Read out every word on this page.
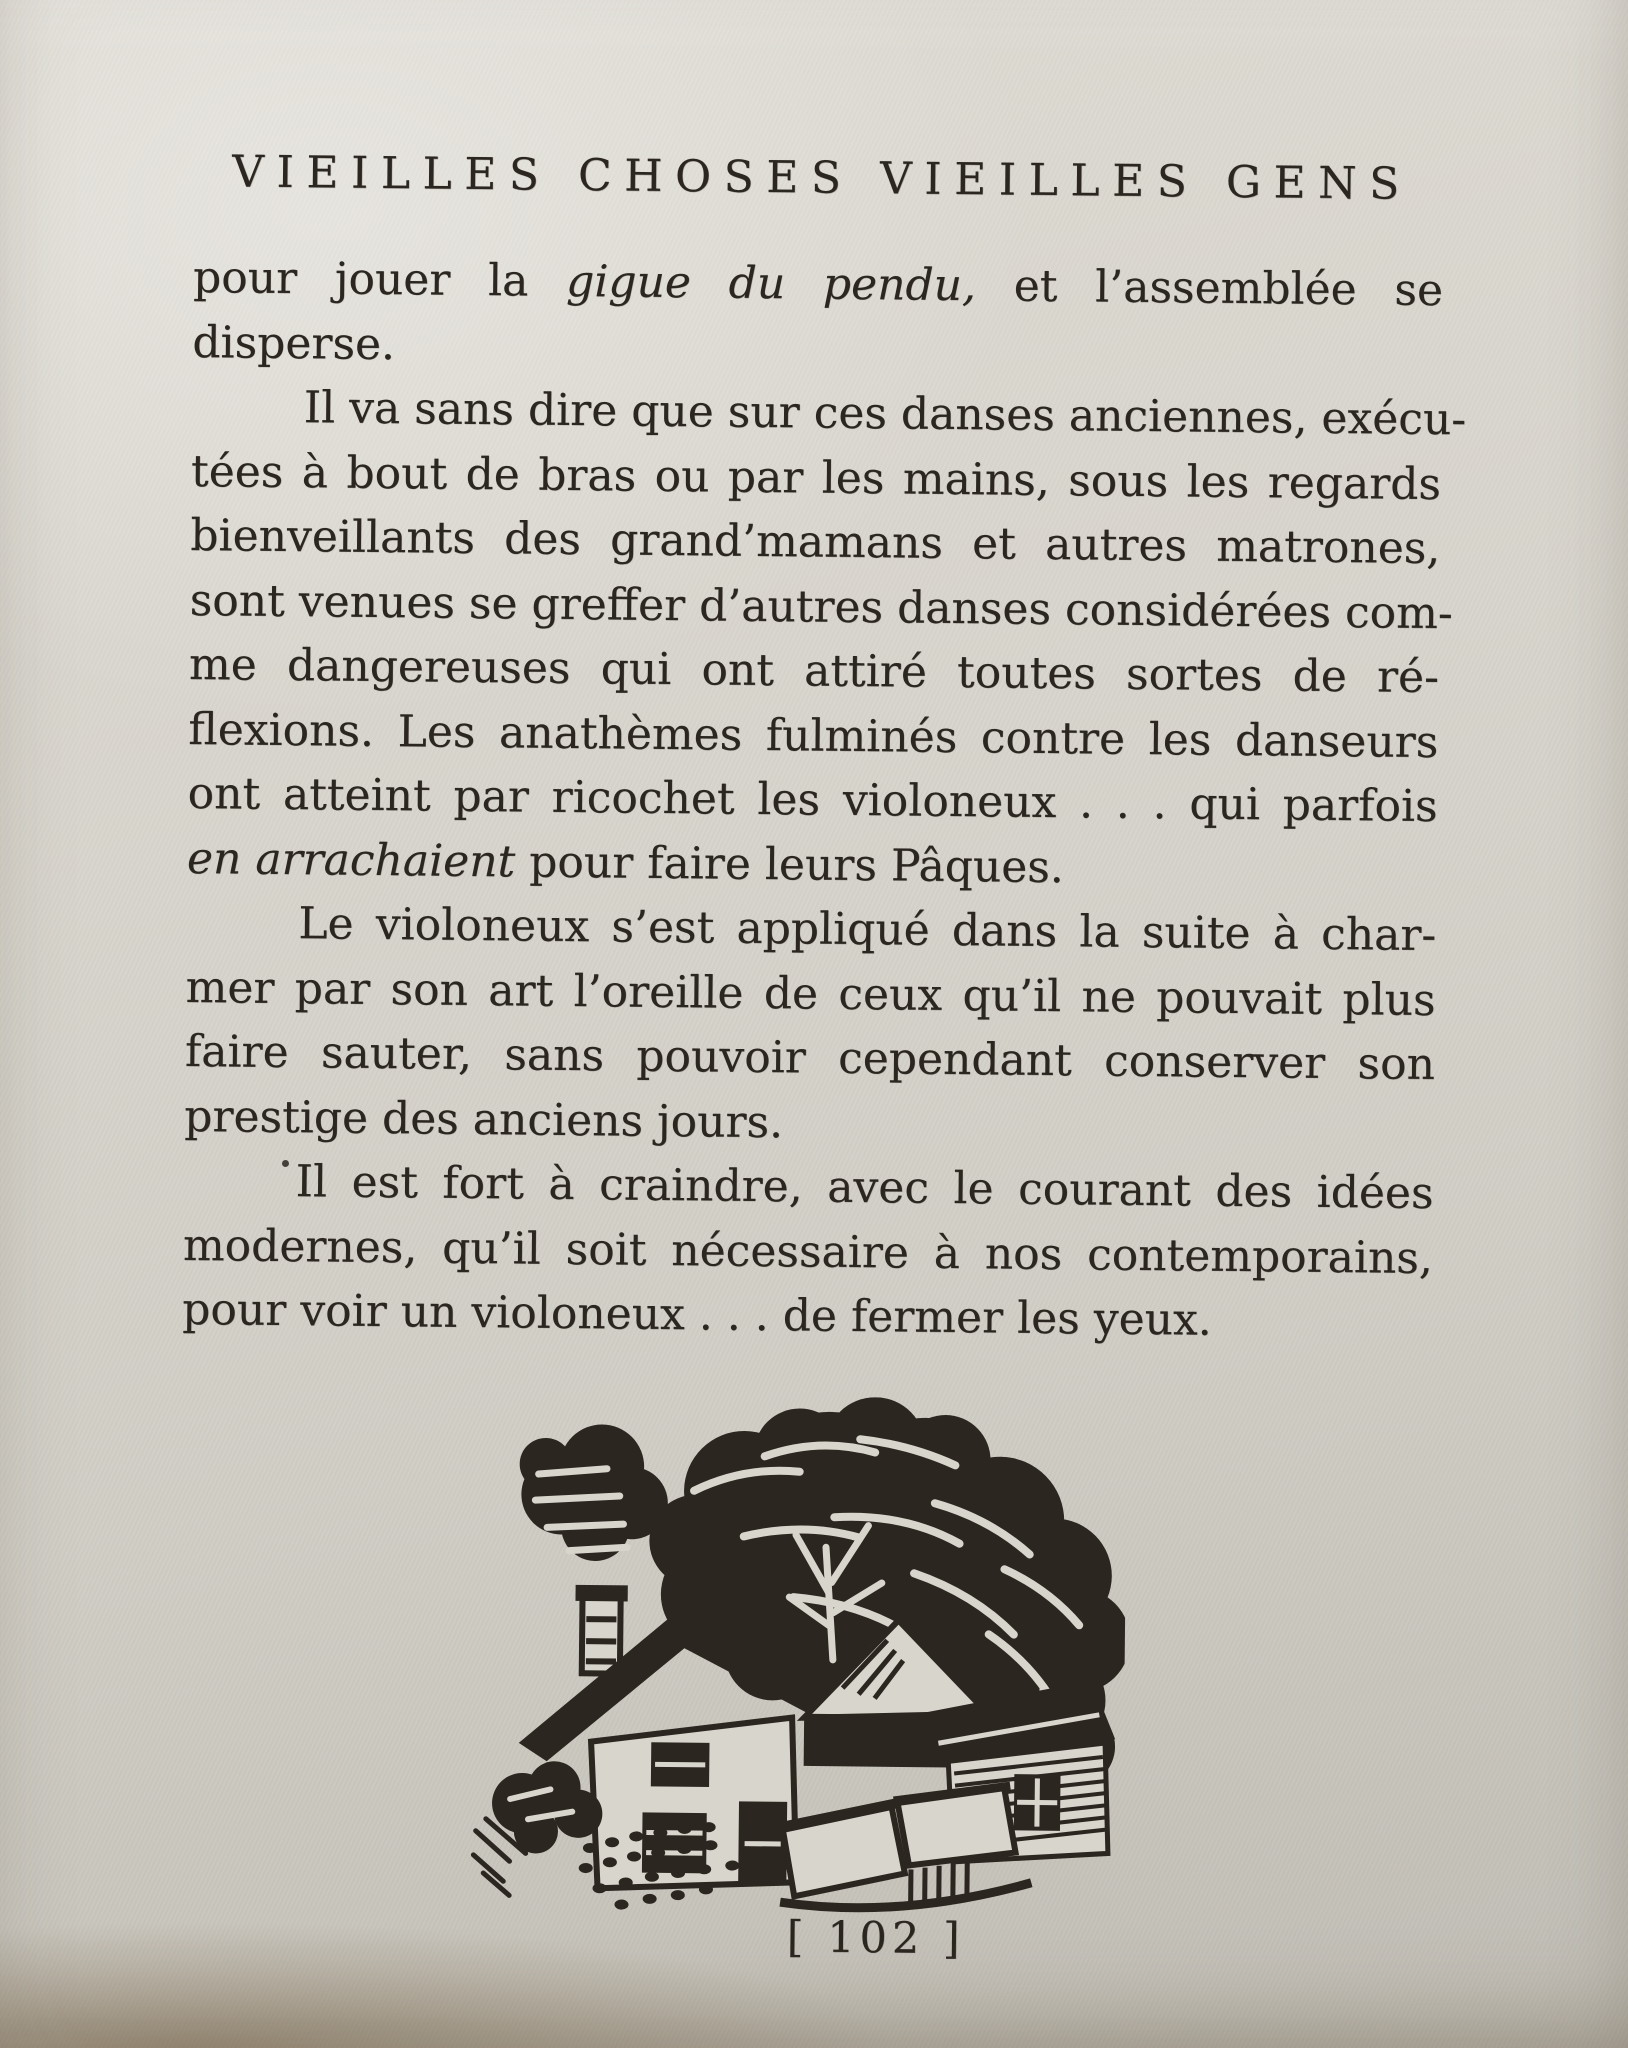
VIEILLES CHOSES VIEILLES GENS
pour jouer la gigue du pendu, et l’assemblée se
disperse.
Il va sans dire que sur ces danses anciennes, exécu-
tées à bout de bras ou par les mains, sous les regards
bienveillants des grand’mamans et autres matrones,
sont venues se greffer d’autres danses considérées com-
me dangereuses qui ont attiré toutes sortes de ré-
flexions. Les anathèmes fulminés contre les danseurs
ont atteint par ricochet les violoneux . . . qui parfois
en arrachaient pour faire leurs Pâques.
Le violoneux s’est appliqué dans la suite à char-
mer par son art l’oreille de ceux qu’il ne pouvait plus
faire sauter, sans pouvoir cependant conserver son
prestige des anciens jours.
Il est fort à craindre, avec le courant des idées
modernes, qu’il soit nécessaire à nos contemporains,
pour voir un violoneux . . . de fermer les yeux.
[ 102 ]
